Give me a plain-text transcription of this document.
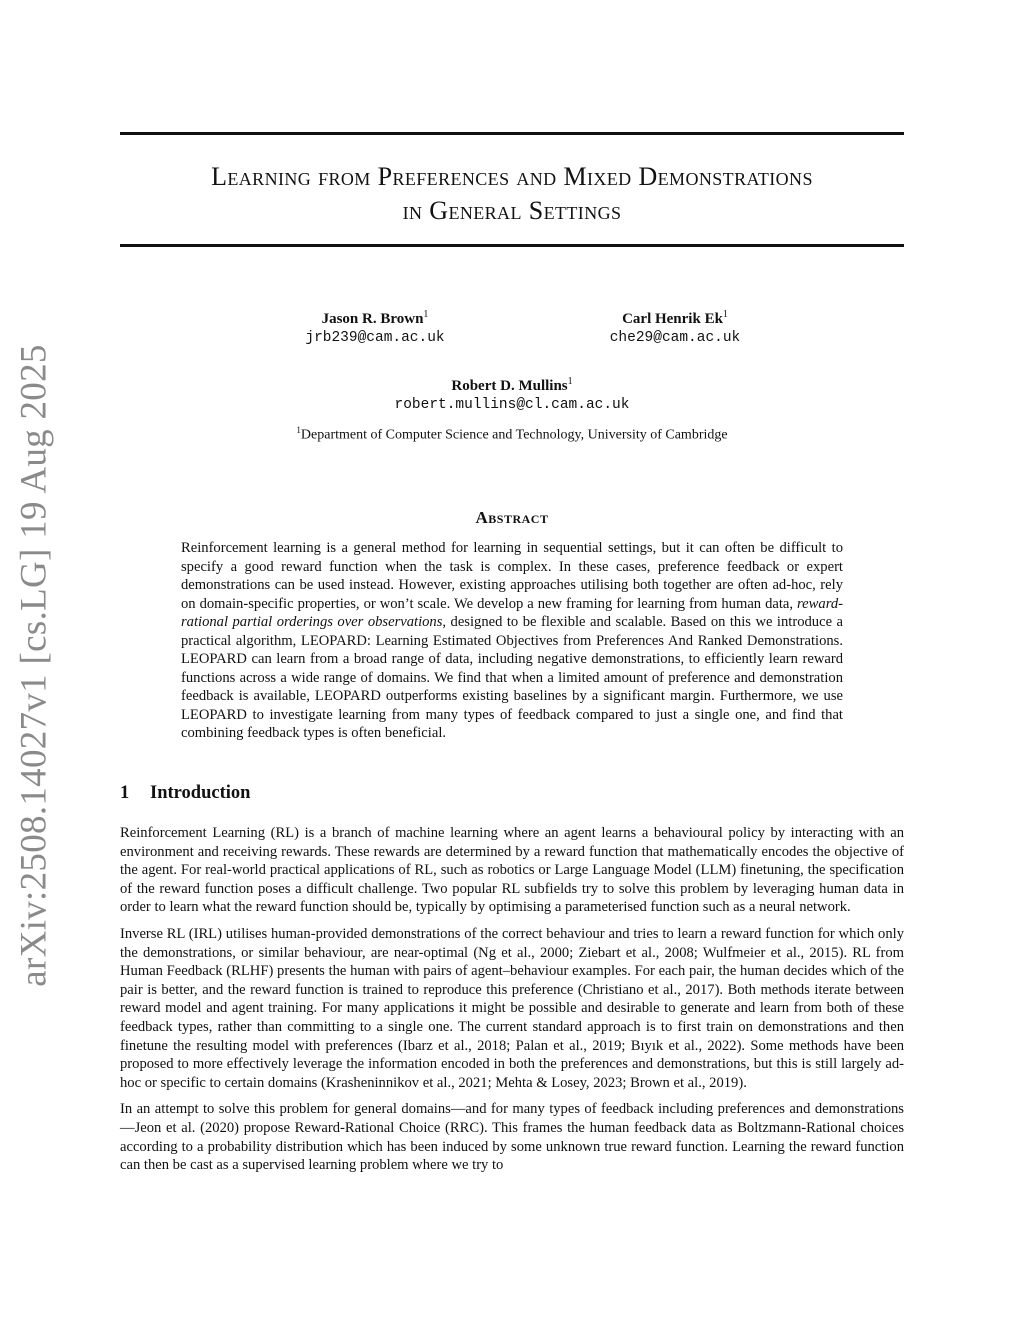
arXiv:2508.14027v1 [cs.LG] 19 Aug 2025
Learning from Preferences and Mixed Demonstrations
in General Settings
Jason R. Brown$^1$
jrb239@cam.ac.uk
Carl Henrik Ek$^1$
che29@cam.ac.uk
Robert D. Mullins$^1$
robert.mullins@cl.cam.ac.uk
$^1$Department of Computer Science and Technology, University of Cambridge
Abstract

Reinforcement learning is a general method for learning in sequential settings, but it can often be difficult to specify a good reward function when the task is complex. In these cases, preference feedback or expert demonstrations can be used instead. However, existing approaches utilising both together are often ad-hoc, rely on domain-specific properties, or won’t scale. We develop a new framing for learning from human data, reward-rational partial orderings over observations, designed to be flexible and scalable. Based on this we introduce a practical algorithm, LEOPARD: Learning Estimated Objectives from Preferences And Ranked Demonstrations. LEOPARD can learn from a broad range of data, including negative demonstrations, to efficiently learn reward functions across a wide range of domains. We find that when a limited amount of preference and demonstration feedback is available, LEOPARD outperforms existing baselines by a significant margin. Furthermore, we use LEOPARD to investigate learning from many types of feedback compared to just a single one, and find that combining feedback types is often beneficial.

1 Introduction

Reinforcement Learning (RL) is a branch of machine learning where an agent learns a behavioural policy by interacting with an environment and receiving rewards. These rewards are determined by a reward function that mathematically encodes the objective of the agent. For real-world practical applications of RL, such as robotics or Large Language Model (LLM) finetuning, the specification of the reward function poses a difficult challenge. Two popular RL subfields try to solve this problem by leveraging human data in order to learn what the reward function should be, typically by optimising a parameterised function such as a neural network.

Inverse RL (IRL) utilises human-provided demonstrations of the correct behaviour and tries to learn a reward function for which only the demonstrations, or similar behaviour, are near-optimal (Ng et al., 2000; Ziebart et al., 2008; Wulfmeier et al., 2015). RL from Human Feedback (RLHF) presents the human with pairs of agent–behaviour examples. For each pair, the human decides which of the pair is better, and the reward function is trained to reproduce this preference (Christiano et al., 2017). Both methods iterate between reward model and agent training. For many applications it might be possible and desirable to generate and learn from both of these feedback types, rather than committing to a single one. The current standard approach is to first train on demonstrations and then finetune the resulting model with preferences (Ibarz et al., 2018; Palan et al., 2019; Bıyık et al., 2022). Some methods have been proposed to more effectively leverage the information encoded in both the preferences and demonstrations, but this is still largely ad-hoc or specific to certain domains (Krasheninnikov et al., 2021; Mehta & Losey, 2023; Brown et al., 2019).

In an attempt to solve this problem for general domains—and for many types of feedback including preferences and demonstrations—Jeon et al. (2020) propose Reward-Rational Choice (RRC). This frames the human feedback data as Boltzmann-Rational choices according to a probability distribution which has been induced by some unknown true reward function. Learning the reward function can then be cast as a supervised learning problem where we try to
